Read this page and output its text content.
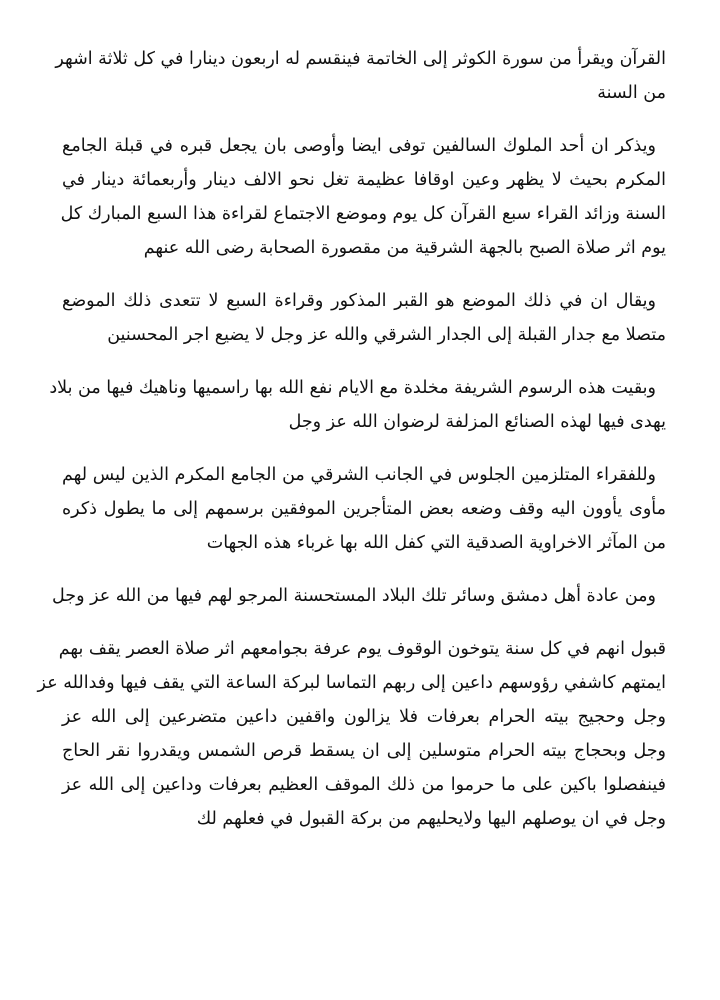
القرآن ويقرأ من سورة الكوثر إلى الخاتمة فينقسم له اربعون دينارا في كل ثلاثة اشهر
من السنة

ويذكر ان أحد الملوك السالفين توفى ايضا وأوصى بان يجعل قبره في قبلة الجامع
المكرم بحيث لا يظهر وعين اوقافا عظيمة تغل نحو الالف دينار وأربعمائة دينار في
السنة وزائد القراء سبع القرآن كل يوم وموضع الاجتماع لقراءة هذا السبع المبارك كل
يوم اثر صلاة الصبح بالجهة الشرقية من مقصورة الصحابة رضى الله عنهم

ويقال ان في ذلك الموضع هو القبر المذكور وقراءة السبع لا تتعدى ذلك الموضع
متصلا مع جدار القبلة إلى الجدار الشرقي والله عز وجل لا يضيع اجر المحسنين

وبقيت هذه الرسوم الشريفة مخلدة مع الايام نفع الله بها راسميها وناهيك فيها من بلاد
يهدى فيها لهذه الصنائع المزلفة لرضوان الله عز وجل

وللفقراء المتلزمين الجلوس في الجانب الشرقي من الجامع المكرم الذين ليس لهم
مأوى يأوون اليه وقف وضعه بعض المتأجرين الموفقين برسمهم إلى ما يطول ذكره
من المآثر الاخراوية الصدقية التي كفل الله بها غرباء هذه الجهات

ومن عادة أهل دمشق وسائر تلك البلاد المستحسنة المرجو لهم فيها من الله عز وجل

قبول انهم في كل سنة يتوخون الوقوف يوم عرفة بجوامعهم اثر صلاة العصر يقف بهم
ايمتهم كاشفي رؤوسهم داعين إلى ربهم التماسا لبركة الساعة التي يقف فيها وفدالله عز
وجل وحجيج بيته الحرام بعرفات فلا يزالون واقفين داعين متضرعين إلى الله عز
وجل وبحجاج بيته الحرام متوسلين إلى ان يسقط قرص الشمس ويقدروا نقر الحاج
فينفصلوا باكين على ما حرموا من ذلك الموقف العظيم بعرفات وداعين إلى الله عز
وجل في ان يوصلهم اليها ولايحليهم من بركة القبول في فعلهم لك
